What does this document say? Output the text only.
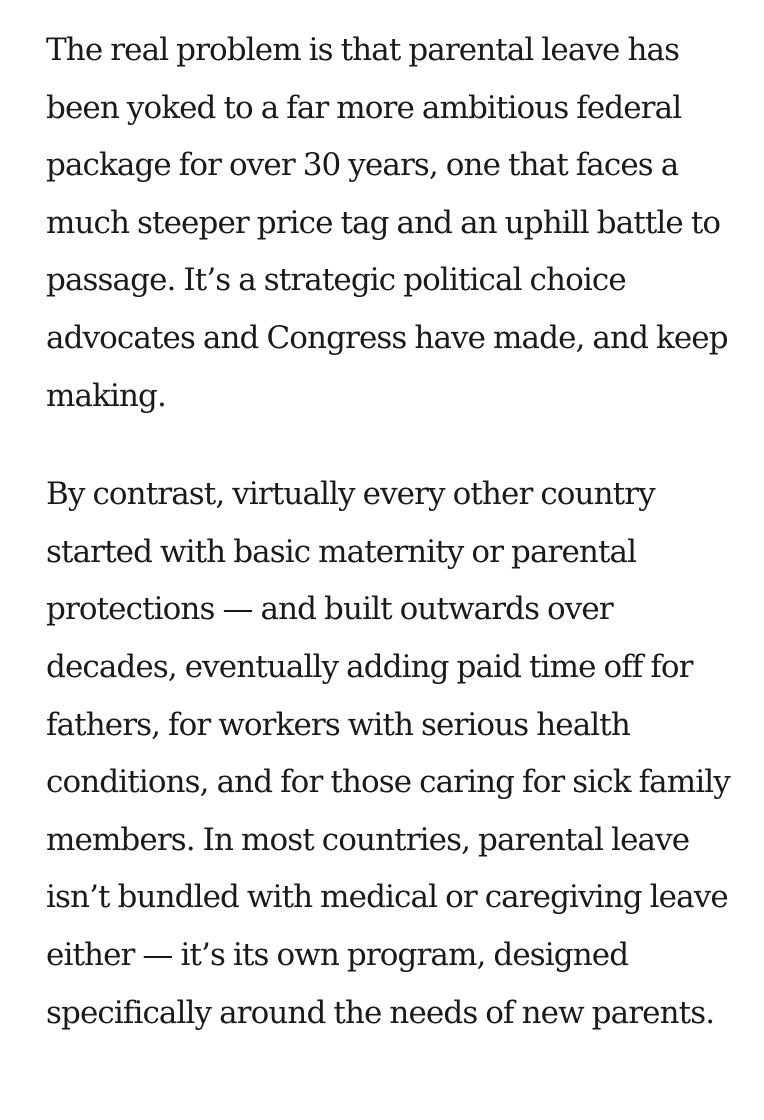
The real problem is that parental leave has been yoked to a far more ambitious federal package for over 30 years, one that faces a much steeper price tag and an uphill battle to passage. It’s a strategic political choice advocates and Congress have made, and keep making.

By contrast, virtually every other country started with basic maternity or parental protections — and built outwards over decades, eventually adding paid time off for fathers, for workers with serious health conditions, and for those caring for sick family members. In most countries, parental leave isn’t bundled with medical or caregiving leave either — it’s its own program, designed specifically around the needs of new parents.
